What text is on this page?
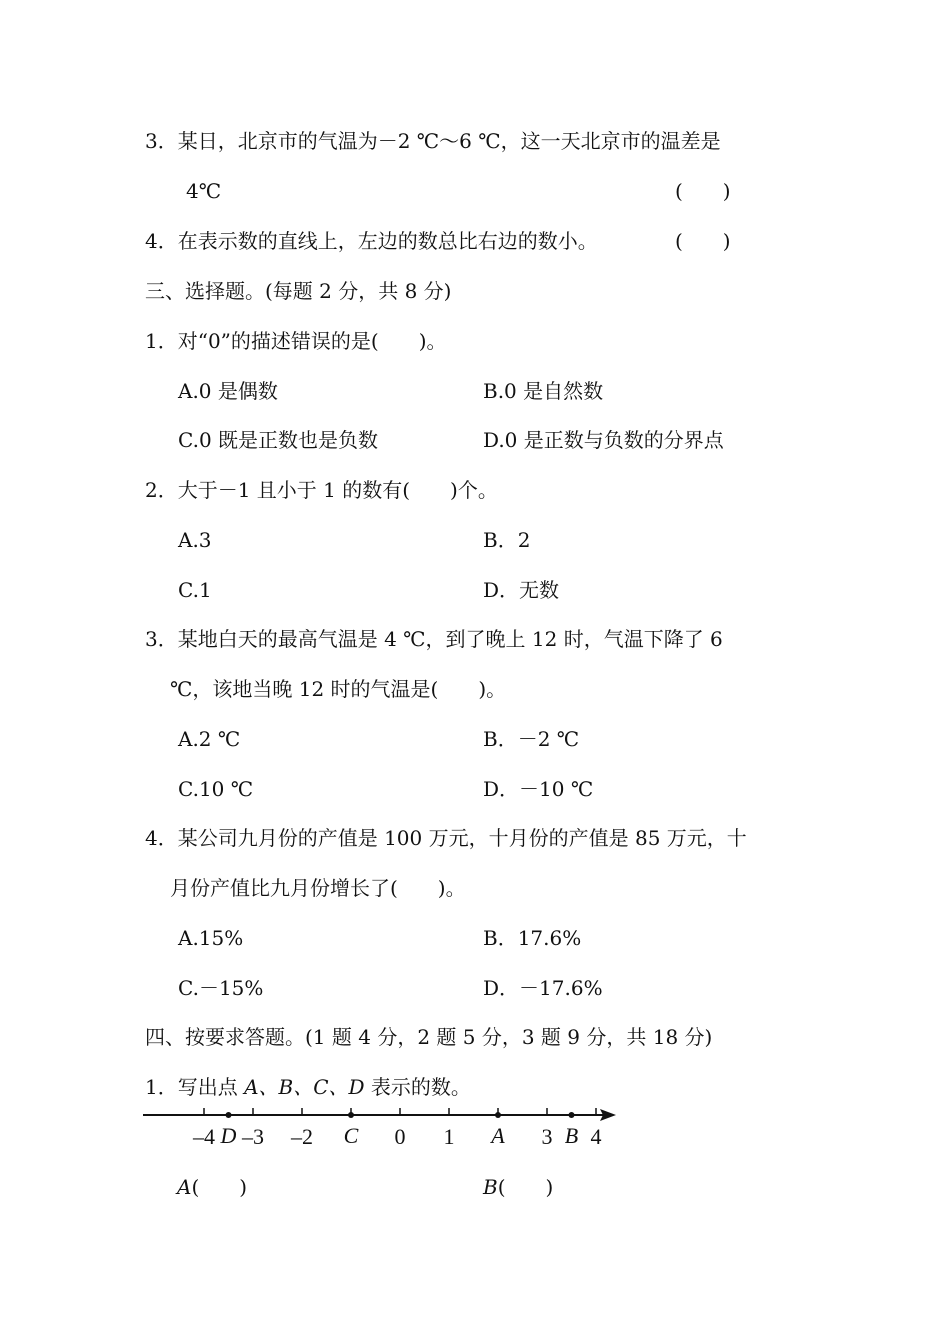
3．某日，北京市的气温为－2 ℃～6 ℃，这一天北京市的温差是
4℃	(　　)
4．在表示数的直线上，左边的数总比右边的数小。	(　　)
三、选择题。(每题 2 分，共 8 分)
1．对“0”的描述错误的是(　　)。
A.0 是偶数	B.0 是自然数
C.0 既是正数也是负数	D.0 是正数与负数的分界点
2．大于－1 且小于 1 的数有(　　)个。
A.3	B．2
C.1	D．无数
3．某地白天的最高气温是 4 ℃，到了晚上 12 时，气温下降了 6
℃，该地当晚 12 时的气温是(　　)。
A.2 ℃	B．－2 ℃
C.10 ℃	D．－10 ℃
4．某公司九月份的产值是 100 万元，十月份的产值是 85 万元，十
月份产值比九月份增长了(　　)。
A.15%	B．17.6%
C.－15%	D．－17.6%
四、按要求答题。(1 题 4 分，2 题 5 分，3 题 9 分，共 18 分)
1．写出点 A、B、C、D 表示的数。
–4 –3 –2	0 1	3 4
D	C	A	B
A(　　)	B(　　)
